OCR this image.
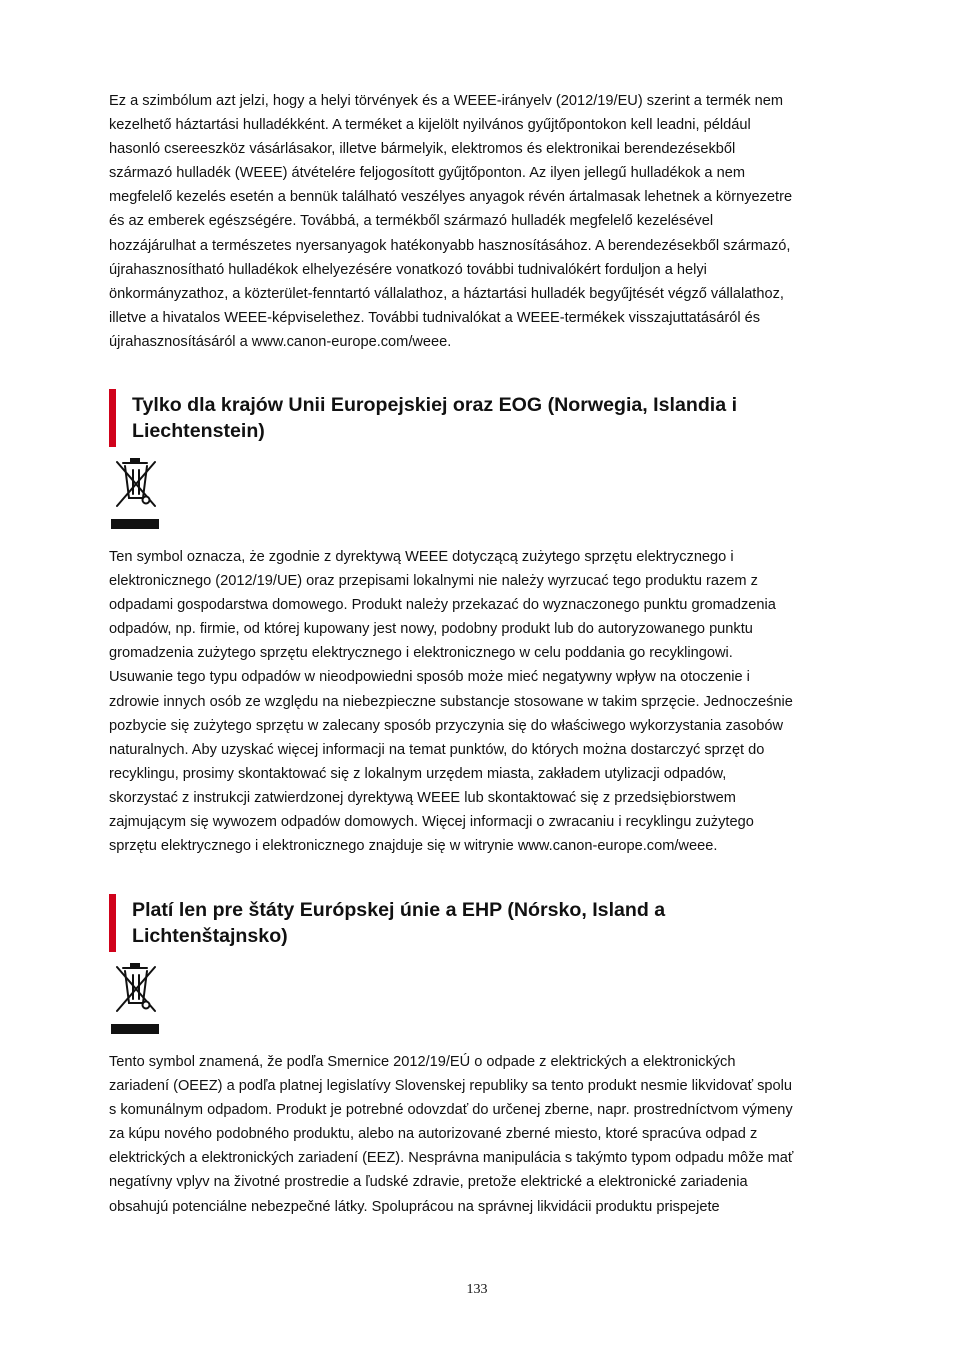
Ez a szimbólum azt jelzi, hogy a helyi törvények és a WEEE-irányelv (2012/19/EU) szerint a termék nem
kezelhető háztartási hulladékként. A terméket a kijelölt nyilvános gyűjtőpontokon kell leadni, például
hasonló csereeszköz vásárlásakor, illetve bármelyik, elektromos és elektronikai berendezésekből
származó hulladék (WEEE) átvételére feljogosított gyűjtőponton. Az ilyen jellegű hulladékok a nem
megfelelő kezelés esetén a bennük található veszélyes anyagok révén ártalmasak lehetnek a környezetre
és az emberek egészségére. Továbbá, a termékből származó hulladék megfelelő kezelésével
hozzájárulhat a természetes nyersanyagok hatékonyabb hasznosításához. A berendezésekből származó,
újrahasznosítható hulladékok elhelyezésére vonatkozó további tudnivalókért forduljon a helyi
önkormányzathoz, a közterület-fenntartó vállalathoz, a háztartási hulladék begyűjtését végző vállalathoz,
illetve a hivatalos WEEE-képviselethez. További tudnivalókat a WEEE-termékek visszajuttatásáról és
újrahasznosításáról a www.canon-europe.com/weee.

Tylko dla krajów Unii Europejskiej oraz EOG (Norwegia, Islandia i
Liechtenstein)

Ten symbol oznacza, że zgodnie z dyrektywą WEEE dotyczącą zużytego sprzętu elektrycznego i
elektronicznego (2012/19/UE) oraz przepisami lokalnymi nie należy wyrzucać tego produktu razem z
odpadami gospodarstwa domowego. Produkt należy przekazać do wyznaczonego punktu gromadzenia
odpadów, np. firmie, od której kupowany jest nowy, podobny produkt lub do autoryzowanego punktu
gromadzenia zużytego sprzętu elektrycznego i elektronicznego w celu poddania go recyklingowi.
Usuwanie tego typu odpadów w nieodpowiedni sposób może mieć negatywny wpływ na otoczenie i
zdrowie innych osób ze względu na niebezpieczne substancje stosowane w takim sprzęcie. Jednocześnie
pozbycie się zużytego sprzętu w zalecany sposób przyczynia się do właściwego wykorzystania zasobów
naturalnych. Aby uzyskać więcej informacji na temat punktów, do których można dostarczyć sprzęt do
recyklingu, prosimy skontaktować się z lokalnym urzędem miasta, zakładem utylizacji odpadów,
skorzystać z instrukcji zatwierdzonej dyrektywą WEEE lub skontaktować się z przedsiębiorstwem
zajmującym się wywozem odpadów domowych. Więcej informacji o zwracaniu i recyklingu zużytego
sprzętu elektrycznego i elektronicznego znajduje się w witrynie www.canon-europe.com/weee.

Platí len pre štáty Európskej únie a EHP (Nórsko, Island a
Lichtenštajnsko)

Tento symbol znamená, že podľa Smernice 2012/19/EÚ o odpade z elektrických a elektronických
zariadení (OEEZ) a podľa platnej legislatívy Slovenskej republiky sa tento produkt nesmie likvidovať spolu
s komunálnym odpadom. Produkt je potrebné odovzdať do určenej zberne, napr. prostredníctvom výmeny
za kúpu nového podobného produktu, alebo na autorizované zberné miesto, ktoré spracúva odpad z
elektrických a elektronických zariadení (EEZ). Nesprávna manipulácia s takýmto typom odpadu môže mať
negatívny vplyv na životné prostredie a ľudské zdravie, pretože elektrické a elektronické zariadenia
obsahujú potenciálne nebezpečné látky. Spoluprácou na správnej likvidácii produktu prispejete

133
